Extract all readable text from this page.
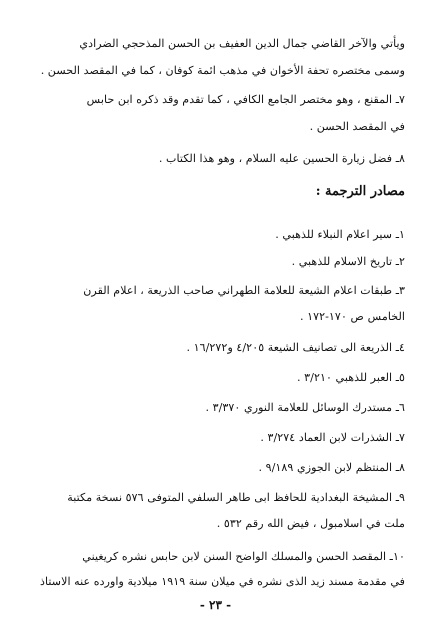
ويأتي والآخر القاضي جمال الدين العفيف بن الحسن المذحجي الضرادي
وسمى مختصره تحفة الأخوان في مذهب ائمة كوفان ، كما في المقصد الحسن .
٧ـ المقنع ، وهو مختصر الجامع الكافي ، كما تقدم وقد ذكره ابن حابس
في المقصد الحسن .
٨ـ فضل زيارة الحسين عليه السلام ، وهو هذا الكتاب .
مصادر الترجمة :
١ـ سير اعلام النبلاء للذهبي .
٢ـ تاريخ الاسلام للذهبي .
٣ـ طبقات اعلام الشيعة للعلامة الطهراني صاحب الذريعة ، اعلام القرن
الخامس ص ١٧٠-١٧٢ .
٤ـ الذريعة الى تصانيف الشيعة ٤/٢٠٥ و١٦/٢٧٢ .
٥ـ العبر للذهبي ٣/٢١٠ .
٦ـ مستدرك الوسائل للعلامة النوري ٣/٣٧٠ .
٧ـ الشذرات لابن العماد ٣/٢٧٤ .
٨ـ المنتظم لابن الجوزي ٩/١٨٩ .
٩ـ المشيخة البغدادية للحافظ ابى طاهر السلفي المتوفى ٥٧٦ نسخة مكتبة
ملت في اسلامبول ، فيض الله رقم ٥٣٢ .
١٠ـ المقصد الحسن والمسلك الواضح السنن لابن حابس نشره كريغيني
في مقدمة مسند زيد الذى نشره في ميلان سنة ١٩١٩ ميلادية واورده عنه الاستاذ
- ٢٣ -
